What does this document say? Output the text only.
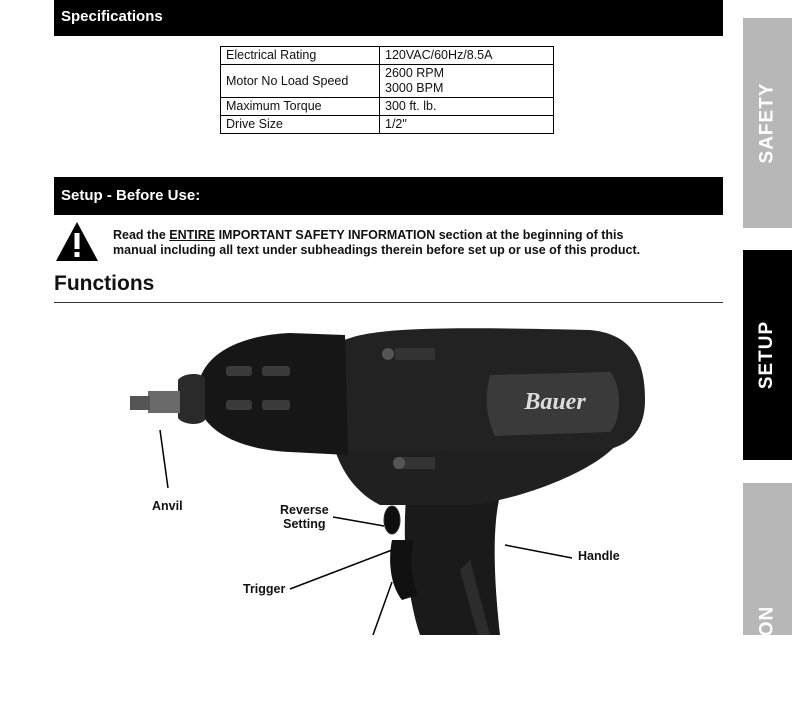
Specifications
Electrical Rating	120VAC/60Hz/8.5A
Motor No Load Speed	2600 RPM
3000 BPM

Maximum Torque	300 ft. lb.
Drive Size	1/2"
Setup - Before Use:
Read the ENTIRE IMPORTANT SAFETY INFORMATION section at the beginning of this
manual including all text under subheadings therein before set up or use of this product.
Functions
Bauer
Anvil	Reverse
Setting
Handle
Trigger
SAFETY
SETUP
OPERATION
